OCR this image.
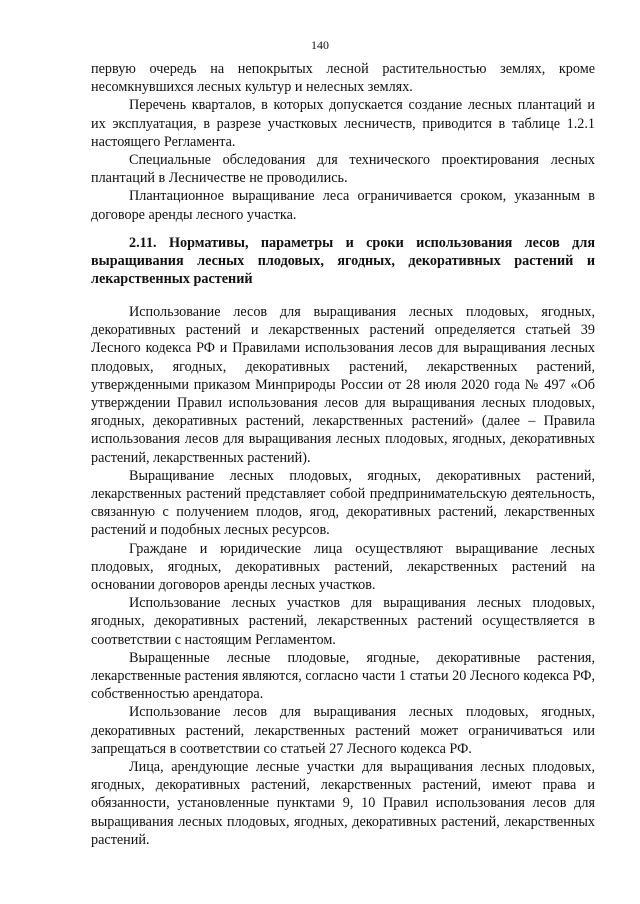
140

первую очередь на непокрытых лесной растительностью землях, кроме несомкнувшихся лесных культур и нелесных землях.

Перечень кварталов, в которых допускается создание лесных плантаций и их эксплуатация, в разрезе участковых лесничеств, приводится в таблице 1.2.1 настоящего Регламента.

Специальные обследования для технического проектирования лесных плантаций в Лесничестве не проводились.

Плантационное выращивание леса ограничивается сроком, указанным в договоре аренды лесного участка.

2.11. Нормативы, параметры и сроки использования лесов для выращивания лесных плодовых, ягодных, декоративных растений и лекарственных растений

Использование лесов для выращивания лесных плодовых, ягодных, декоративных растений и лекарственных растений определяется статьей 39 Лесного кодекса РФ и Правилами использования лесов для выращивания лесных плодовых, ягодных, декоративных растений, лекарственных растений, утвержденными приказом Минприроды России от 28 июля 2020 года № 497 «Об утверждении Правил использования лесов для выращивания лесных плодовых, ягодных, декоративных растений, лекарственных растений» (далее – Правила использования лесов для выращивания лесных плодовых, ягодных, декоративных растений, лекарственных растений).

Выращивание лесных плодовых, ягодных, декоративных растений, лекарственных растений представляет собой предпринимательскую деятельность, связанную с получением плодов, ягод, декоративных растений, лекарственных растений и подобных лесных ресурсов.

Граждане и юридические лица осуществляют выращивание лесных плодовых, ягодных, декоративных растений, лекарственных растений на основании договоров аренды лесных участков.

Использование лесных участков для выращивания лесных плодовых, ягодных, декоративных растений, лекарственных растений осуществляется в соответствии с настоящим Регламентом.

Выращенные лесные плодовые, ягодные, декоративные растения, лекарственные растения являются, согласно части 1 статьи 20 Лесного кодекса РФ, собственностью арендатора.

Использование лесов для выращивания лесных плодовых, ягодных, декоративных растений, лекарственных растений может ограничиваться или запрещаться в соответствии со статьей 27 Лесного кодекса РФ.

Лица, арендующие лесные участки для выращивания лесных плодовых, ягодных, декоративных растений, лекарственных растений, имеют права и обязанности, установленные пунктами 9, 10 Правил использования лесов для выращивания лесных плодовых, ягодных, декоративных растений, лекарственных растений.
